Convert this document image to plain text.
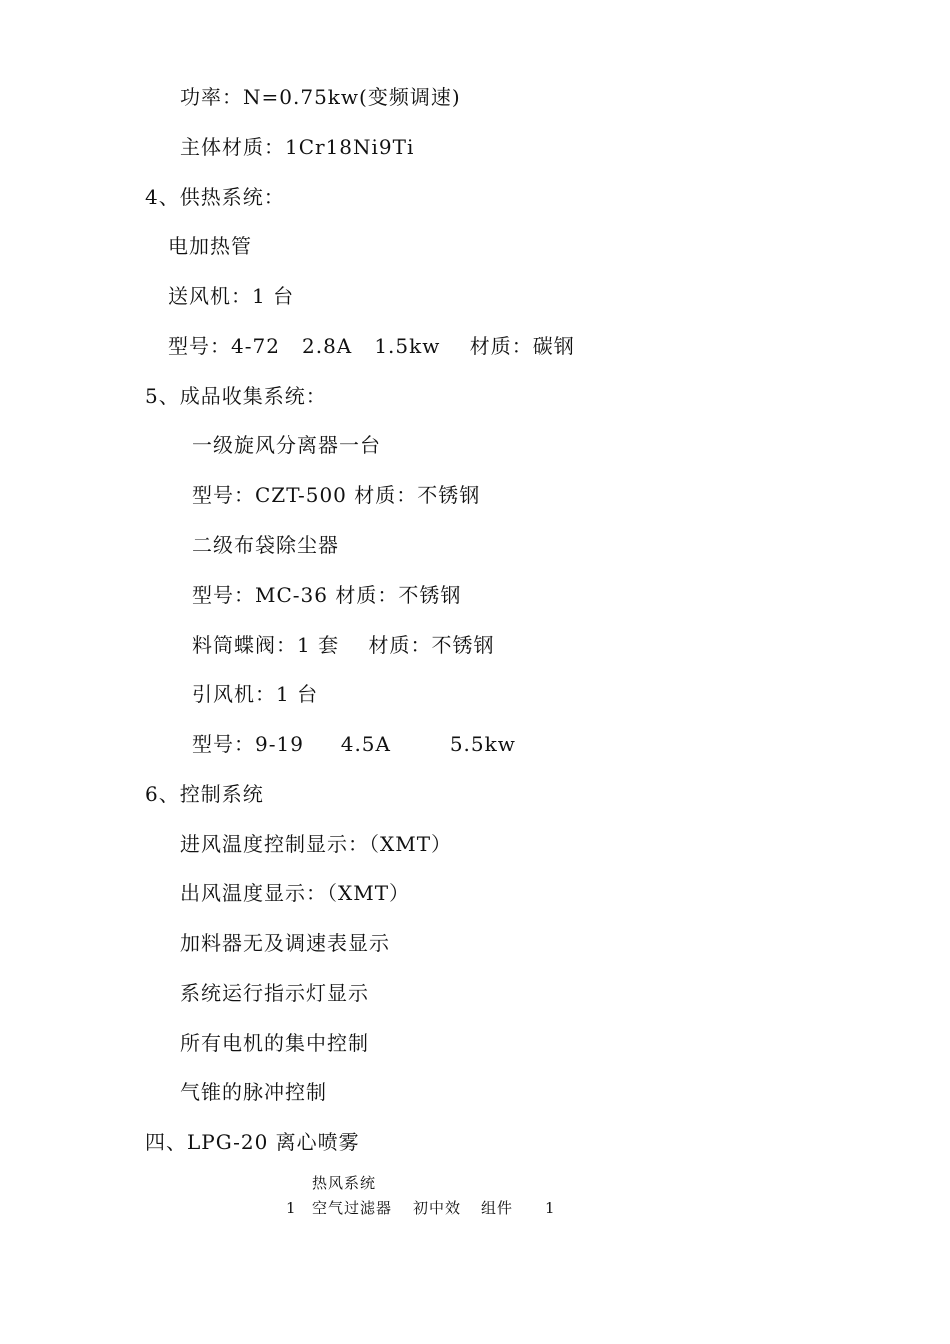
功率：N=0.75kw(变频调速)
主体材质：1Cr18Ni9Ti
4、供热系统：
电加热管
送风机：1 台
型号：4-72   2.8A   1.5kw    材质：碳钢
5、成品收集系统：
一级旋风分离器一台
型号：CZT-500 材质：不锈钢
二级布袋除尘器
型号：MC-36 材质：不锈钢
料筒蝶阀：1 套    材质：不锈钢
引风机：1 台
型号：9-19     4.5A        5.5kw
6、控制系统
进风温度控制显示：（XMT）
出风温度显示：（XMT）
加料器无及调速表显示
系统运行指示灯显示
所有电机的集中控制
气锥的脉冲控制
四、LPG-20 离心喷雾
热风系统
1 空气过滤器 初中效 组件 1
